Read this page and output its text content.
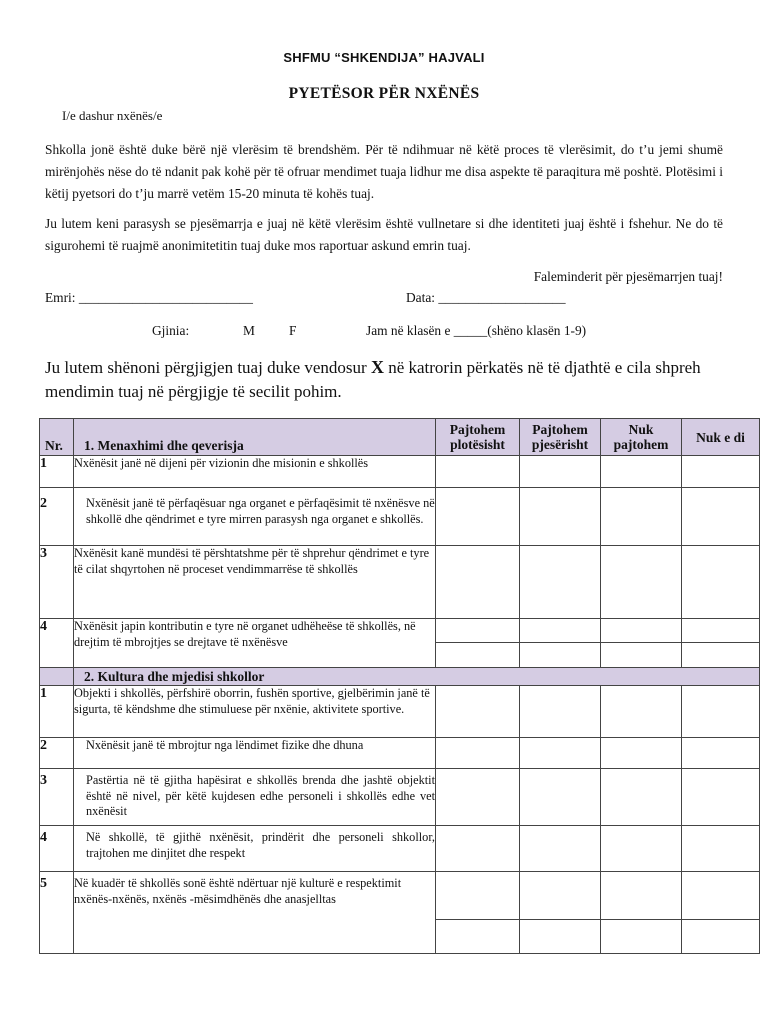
SHFMU “SHKENDIJA” HAJVALI
PYETËSOR PËR NXËNËS
I/e dashur nxënës/e

Shkolla jonë është duke bërë një vlerësim të brendshëm. Për të ndihmuar në këtë proces të vlerësimit, do t’u jemi shumë mirënjohës nëse do të ndanit pak kohë për të ofruar mendimet tuaja lidhur me disa aspekte të paraqitura më poshtë. Plotësimi i këtij pyetsori do t’ju marrë vetëm 15-20 minuta të kohës tuaj.

Ju lutem keni parasysh se pjesëmarrja e juaj në këtë vlerësim është vullnetare si dhe identiteti juaj është i fshehur. Ne do të sigurohemi të ruajmë anonimitetitin tuaj duke mos raportuar askund emrin tuaj.

Faleminderit për pjesëmarrjen tuaj!
Emri: __________________________	Data: ___________________
Gjinia:	M	F	Jam në klasën e _____(shëno klasën 1-9)

Ju lutem shënoni përgjigjen tuaj duke vendosur X në katrorin përkatës në të djathtë e cila shpreh mendimin tuaj në përgjigje të secilit pohim.

Nr.	1. Menaxhimi dhe qeverisja	Pajtohem plotësisht	Pajtohem pjesërisht	Nuk pajtohem	Nuk e di
1	Nxënësit janë në dijeni për vizionin dhe misionin e shkollës				
2	Nxënësit janë të përfaqësuar nga organet e përfaqësimit të nxënësve në shkollë dhe qëndrimet e tyre mirren parasysh nga organet e shkollës.				
3	Nxënësit kanë mundësi të përshtatshme për të shprehur qëndrimet e tyre të cilat shqyrtohen në proceset vendimmarrëse të shkollës				
4	Nxënësit japin kontributin e tyre në organet udhëheëse të shkollës, në drejtim të mbrojtjes se drejtave të nxënësve				

	2. Kultura dhe mjedisi shkollor				
1	Objekti i shkollës, përfshirë oborrin, fushën sportive, gjelbërimin janë të sigurta, të këndshme dhe stimuluese për nxënie, aktivitete sportive.				
2	Nxënësit janë të mbrojtur nga lëndimet fizike dhe dhuna				
3	Pastërtia në të gjitha hapësirat e shkollës brenda dhe jashtë objektit është në nivel, për këtë kujdesen edhe personeli i shkollës edhe vet nxënësit				
4	Në shkollë, të gjithë nxënësit, prindërit dhe personeli shkollor, trajtohen me dinjitet dhe respekt				
5	Në kuadër të shkollës sonë është ndërtuar një kulturë e respektimit nxënës-nxënës, nxënës -mësimdhënës dhe anasjelltas				
